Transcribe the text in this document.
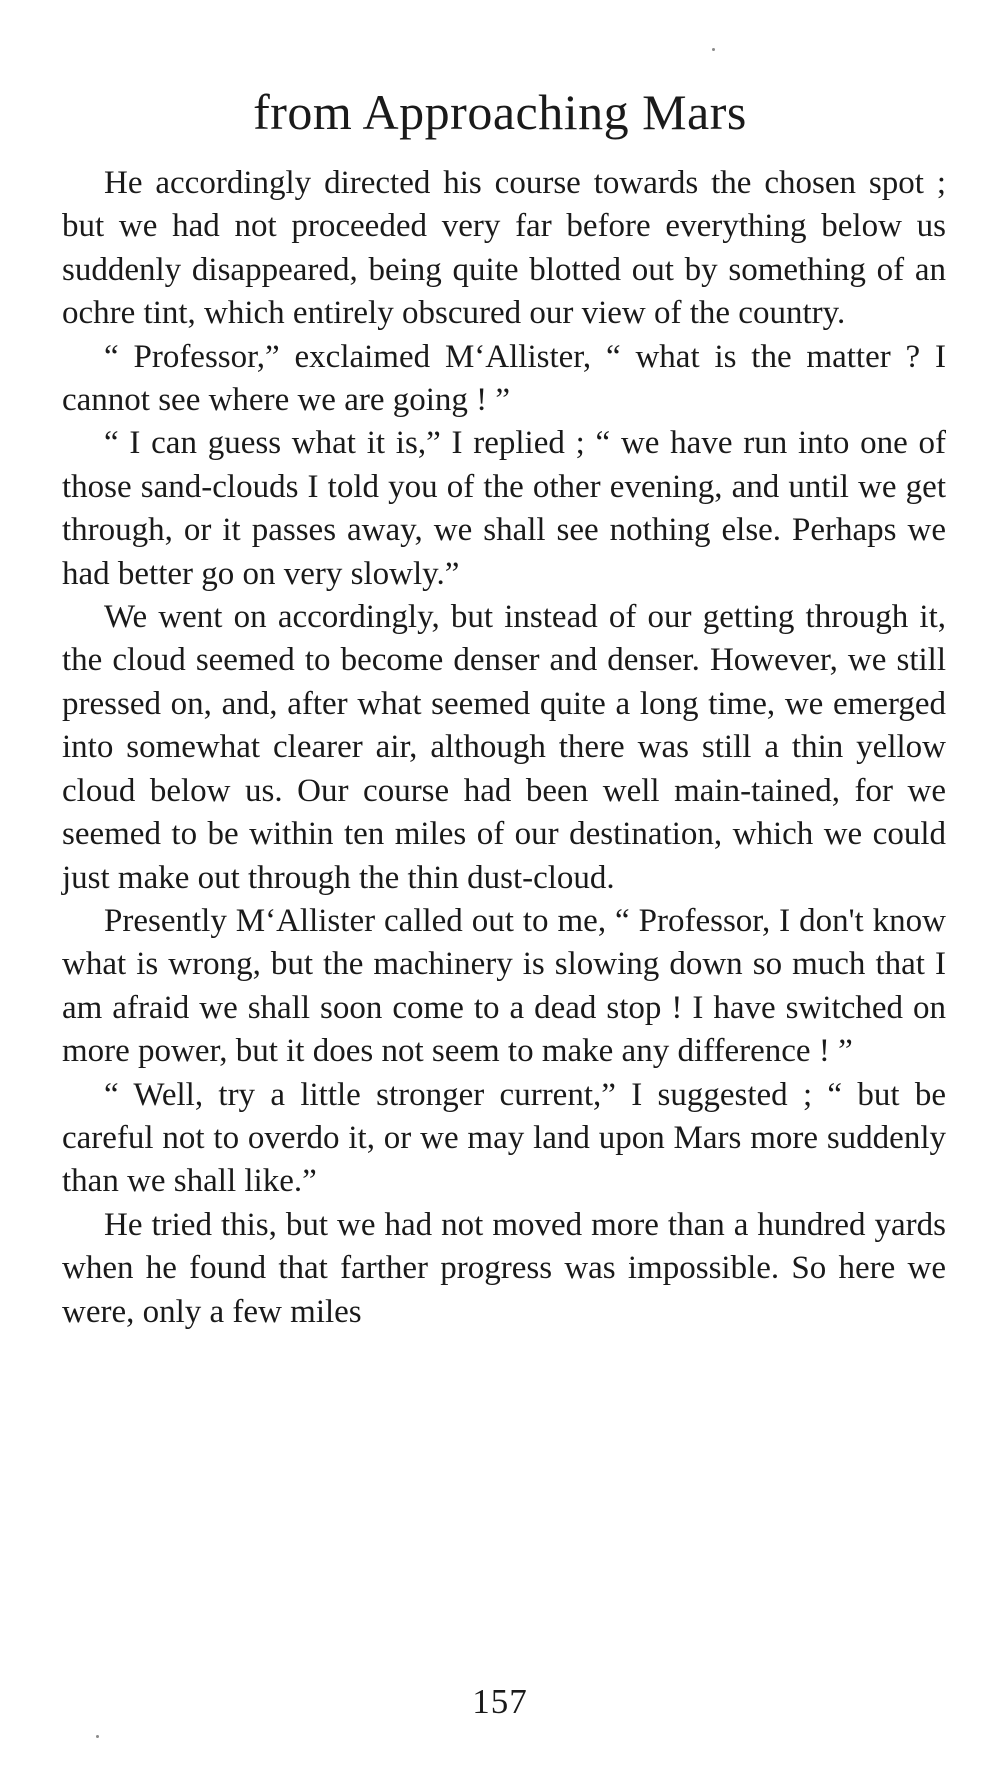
from Approaching Mars

He accordingly directed his course towards the chosen spot ; but we had not proceeded very far before everything below us suddenly disappeared, being quite blotted out by something of an ochre tint, which entirely obscured our view of the country.

“ Professor,” exclaimed M‘Allister, “ what is the matter ? I cannot see where we are going ! ”

“ I can guess what it is,” I replied ; “ we have run into one of those sand-clouds I told you of the other evening, and until we get through, or it passes away, we shall see nothing else. Perhaps we had better go on very slowly.”

We went on accordingly, but instead of our getting through it, the cloud seemed to become denser and denser. However, we still pressed on, and, after what seemed quite a long time, we emerged into somewhat clearer air, although there was still a thin yellow cloud below us. Our course had been well main-tained, for we seemed to be within ten miles of our destination, which we could just make out through the thin dust-cloud.

Presently M‘Allister called out to me, “ Professor, I don't know what is wrong, but the machinery is slowing down so much that I am afraid we shall soon come to a dead stop ! I have switched on more power, but it does not seem to make any difference ! ”

“ Well, try a little stronger current,” I suggested ; “ but be careful not to overdo it, or we may land upon Mars more suddenly than we shall like.”

He tried this, but we had not moved more than a hundred yards when he found that farther progress was impossible. So here we were, only a few miles

157
